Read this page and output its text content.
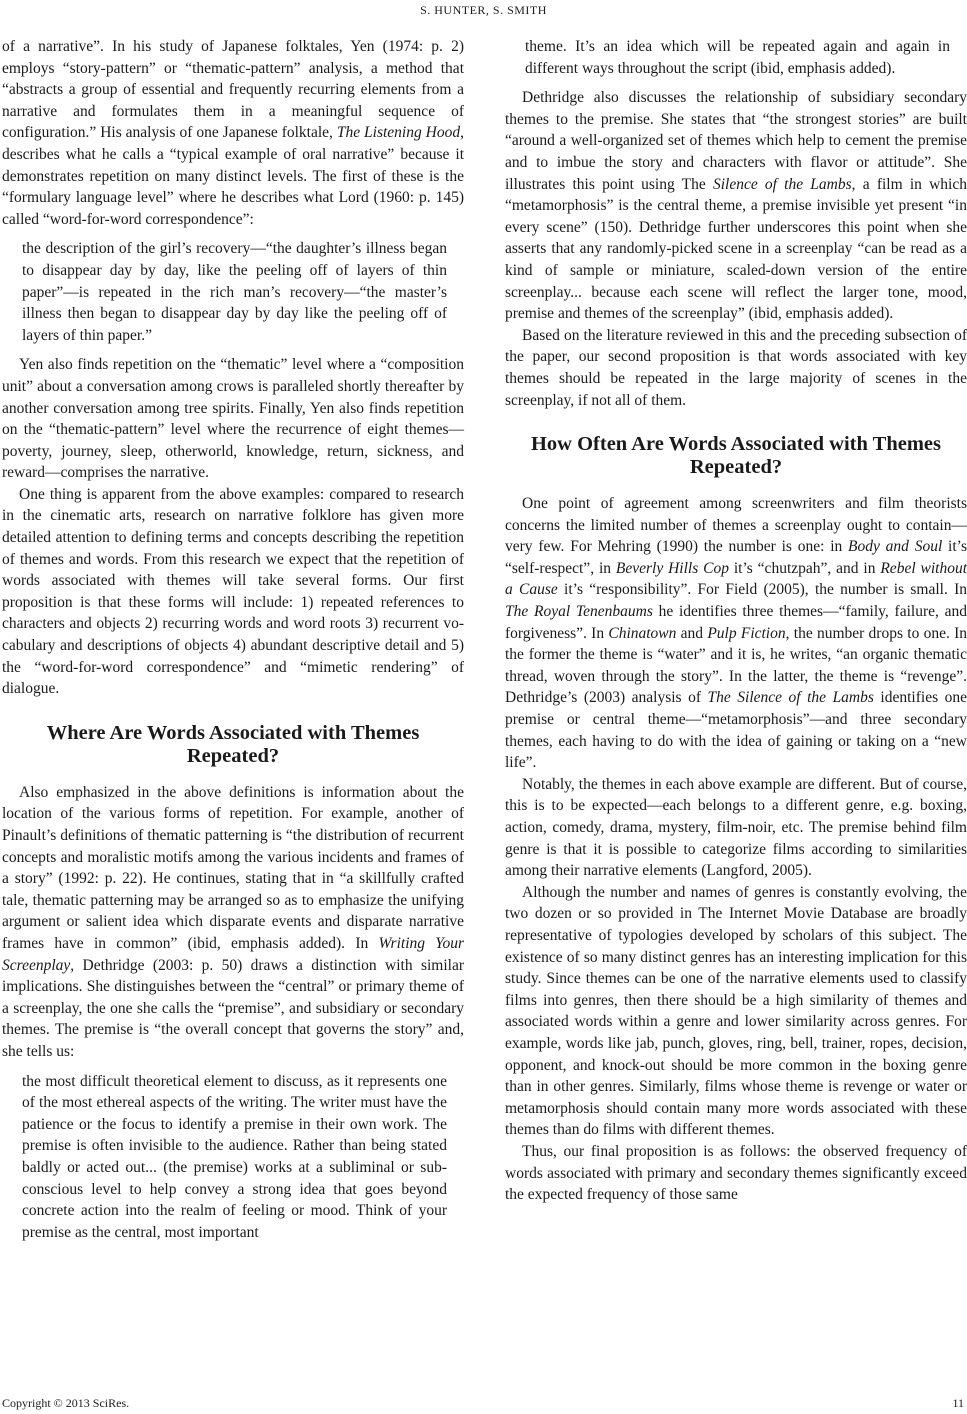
S. HUNTER, S. SMITH

of a narrative”. In his study of Japanese folktales, Yen (1974: p. 2) employs “story-pattern” or “thematic-pattern” analysis, a method that “abstracts a group of essential and frequently recurring elements from a narrative and formulates them in a meaningful sequence of configuration.” His analysis of one Japanese folktale, The Listening Hood, describes what he calls a “typical example of oral narrative” because it demonstrates repetition on many distinct levels. The first of these is the “formulary language level” where he describes what Lord (1960: p. 145) called “word-for-word correspondence”:

the description of the girl’s recovery—“the daughter’s illness began to disappear day by day, like the peeling off of layers of thin paper”—is repeated in the rich man’s recovery—“the master’s illness then began to disappear day by day like the peeling off of layers of thin paper.”

Yen also finds repetition on the “thematic” level where a “composition unit” about a conversation among crows is paralleled shortly thereafter by another conversation among tree spirits. Finally, Yen also finds repetition on the “thematic-pattern” level where the recurrence of eight themes—poverty, journey, sleep, otherworld, knowledge, return, sickness, and reward—comprises the narrative.

One thing is apparent from the above examples: compared to research in the cinematic arts, research on narrative folklore has given more detailed attention to defining terms and concepts describing the repetition of themes and words. From this research we expect that the repetition of words associated with themes will take several forms. Our first proposition is that these forms will include: 1) repeated references to characters and objects 2) recurring words and word roots 3) recurrent vocabulary and descriptions of objects 4) abundant descriptive detail and 5) the “word-for-word correspondence” and “mimetic rendering” of dialogue.

Where Are Words Associated with Themes Repeated?

Also emphasized in the above definitions is information about the location of the various forms of repetition. For example, another of Pinault’s definitions of thematic patterning is “the distribution of recurrent concepts and moralistic motifs among the various incidents and frames of a story” (1992: p. 22). He continues, stating that in “a skillfully crafted tale, thematic patterning may be arranged so as to emphasize the unifying argument or salient idea which disparate events and disparate narrative frames have in common” (ibid, emphasis added). In Writing Your Screenplay, Dethridge (2003: p. 50) draws a distinction with similar implications. She distinguishes between the “central” or primary theme of a screenplay, the one she calls the “premise”, and subsidiary or secondary themes. The premise is “the overall concept that governs the story” and, she tells us:

the most difficult theoretical element to discuss, as it represents one of the most ethereal aspects of the writing. The writer must have the patience or the focus to identify a premise in their own work. The premise is often invisible to the audience. Rather than being stated baldly or acted out... (the premise) works at a subliminal or subconscious level to help convey a strong idea that goes beyond concrete action into the realm of feeling or mood. Think of your premise as the central, most important

theme. It’s an idea which will be repeated again and again in different ways throughout the script (ibid, emphasis added).

Dethridge also discusses the relationship of subsidiary secondary themes to the premise. She states that “the strongest stories” are built “around a well-organized set of themes which help to cement the premise and to imbue the story and characters with flavor or attitude”. She illustrates this point using The Silence of the Lambs, a film in which “metamorphosis” is the central theme, a premise invisible yet present “in every scene” (150). Dethridge further underscores this point when she asserts that any randomly-picked scene in a screenplay “can be read as a kind of sample or miniature, scaled-down version of the entire screenplay... because each scene will reflect the larger tone, mood, premise and themes of the screenplay” (ibid, emphasis added).

Based on the literature reviewed in this and the preceding subsection of the paper, our second proposition is that words associated with key themes should be repeated in the large majority of scenes in the screenplay, if not all of them.

How Often Are Words Associated with Themes Repeated?

One point of agreement among screenwriters and film theorists concerns the limited number of themes a screenplay ought to contain—very few. For Mehring (1990) the number is one: in Body and Soul it’s “self-respect”, in Beverly Hills Cop it’s “chutzpah”, and in Rebel without a Cause it’s “responsibility”. For Field (2005), the number is small. In The Royal Tenenbaums he identifies three themes—“family, failure, and forgiveness”. In Chinatown and Pulp Fiction, the number drops to one. In the former the theme is “water” and it is, he writes, “an organic thematic thread, woven through the story”. In the latter, the theme is “revenge”. Dethridge’s (2003) analysis of The Silence of the Lambs identifies one premise or central theme—“metamorphosis”—and three secondary themes, each having to do with the idea of gaining or taking on a “new life”.

Notably, the themes in each above example are different. But of course, this is to be expected—each belongs to a different genre, e.g. boxing, action, comedy, drama, mystery, film-noir, etc. The premise behind film genre is that it is possible to categorize films according to similarities among their narrative elements (Langford, 2005).

Although the number and names of genres is constantly evolving, the two dozen or so provided in The Internet Movie Database are broadly representative of typologies developed by scholars of this subject. The existence of so many distinct genres has an interesting implication for this study. Since themes can be one of the narrative elements used to classify films into genres, then there should be a high similarity of themes and associated words within a genre and lower similarity across genres. For example, words like jab, punch, gloves, ring, bell, trainer, ropes, decision, opponent, and knock-out should be more common in the boxing genre than in other genres. Similarly, films whose theme is revenge or water or metamorphosis should contain many more words associated with these themes than do films with different themes.

Thus, our final proposition is as follows: the observed frequency of words associated with primary and secondary themes significantly exceed the expected frequency of those same

Copyright © 2013 SciRes.	11
